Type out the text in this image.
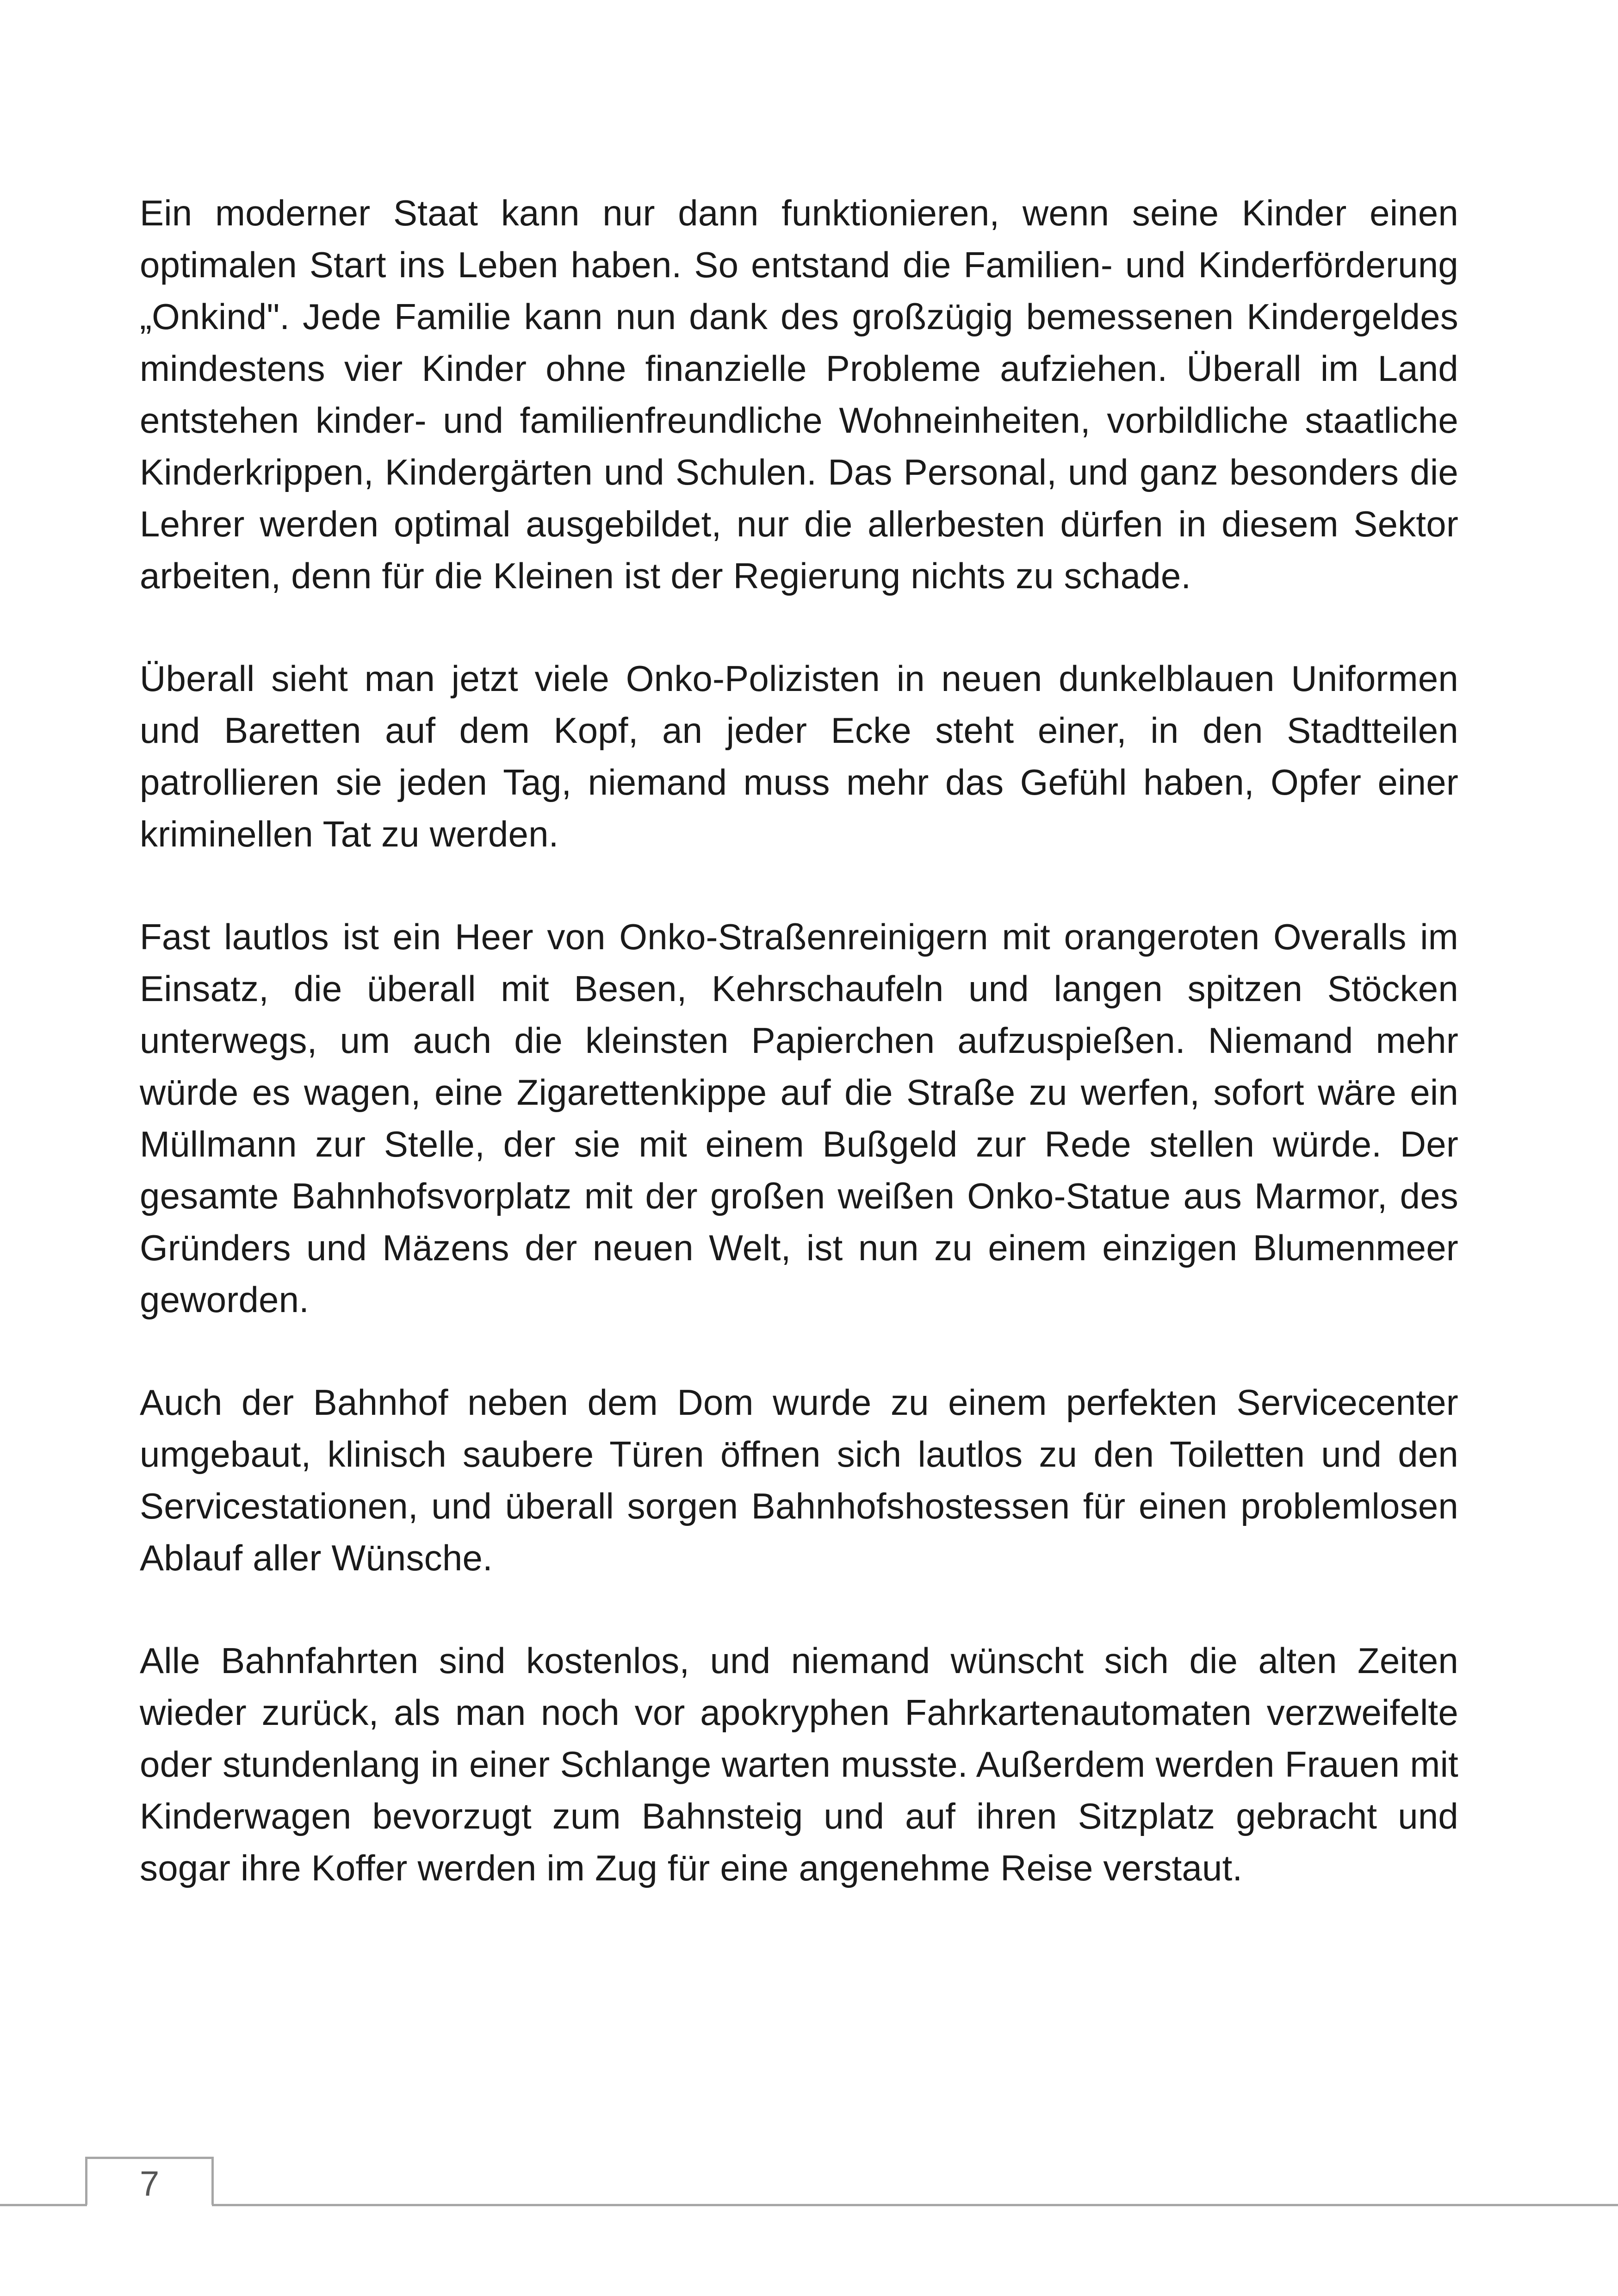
Ein moderner Staat kann nur dann funktionieren, wenn seine Kinder einen optimalen Start ins Leben haben. So entstand die Familien- und Kinderförderung „Onkind". Jede Familie kann nun dank des großzügig bemessenen Kindergeldes mindestens vier Kinder ohne finanzielle Probleme aufziehen. Überall im Land entstehen kinder- und familienfreundliche Wohneinheiten, vorbildliche staatliche Kinderkrippen, Kindergärten und Schulen. Das Personal, und ganz besonders die Lehrer werden optimal ausgebildet, nur die allerbesten dürfen in diesem Sektor arbeiten, denn für die Kleinen ist der Regierung nichts zu schade.

Überall sieht man jetzt viele Onko-Polizisten in neuen dunkelblauen Uniformen und Baretten auf dem Kopf, an jeder Ecke steht einer, in den Stadtteilen patrollieren sie jeden Tag, niemand muss mehr das Gefühl haben, Opfer einer kriminellen Tat zu werden.

Fast lautlos ist ein Heer von Onko-Straßenreinigern mit orangeroten Overalls im Einsatz, die überall mit Besen, Kehrschaufeln und langen spitzen Stöcken unterwegs, um auch die kleinsten Papierchen aufzuspießen. Niemand mehr würde es wagen, eine Zigarettenkippe auf die Straße zu werfen, sofort wäre ein Müllmann zur Stelle, der sie mit einem Bußgeld zur Rede stellen würde. Der gesamte Bahnhofsvorplatz mit der großen weißen Onko-Statue aus Marmor, des Gründers und Mäzens der neuen Welt, ist nun zu einem einzigen Blumenmeer geworden.

Auch der Bahnhof neben dem Dom wurde zu einem perfekten Servicecenter umgebaut, klinisch saubere Türen öffnen sich lautlos zu den Toiletten und den Servicestationen, und überall sorgen Bahnhofshostessen für einen problemlosen Ablauf aller Wünsche.

Alle Bahnfahrten sind kostenlos, und niemand wünscht sich die alten Zeiten wieder zurück, als man noch vor apokryphen Fahrkartenautomaten verzweifelte oder stundenlang in einer Schlange warten musste. Außerdem werden Frauen mit Kinderwagen bevorzugt zum Bahnsteig und auf ihren Sitzplatz gebracht und sogar ihre Koffer werden im Zug für eine angenehme Reise verstaut.

7
